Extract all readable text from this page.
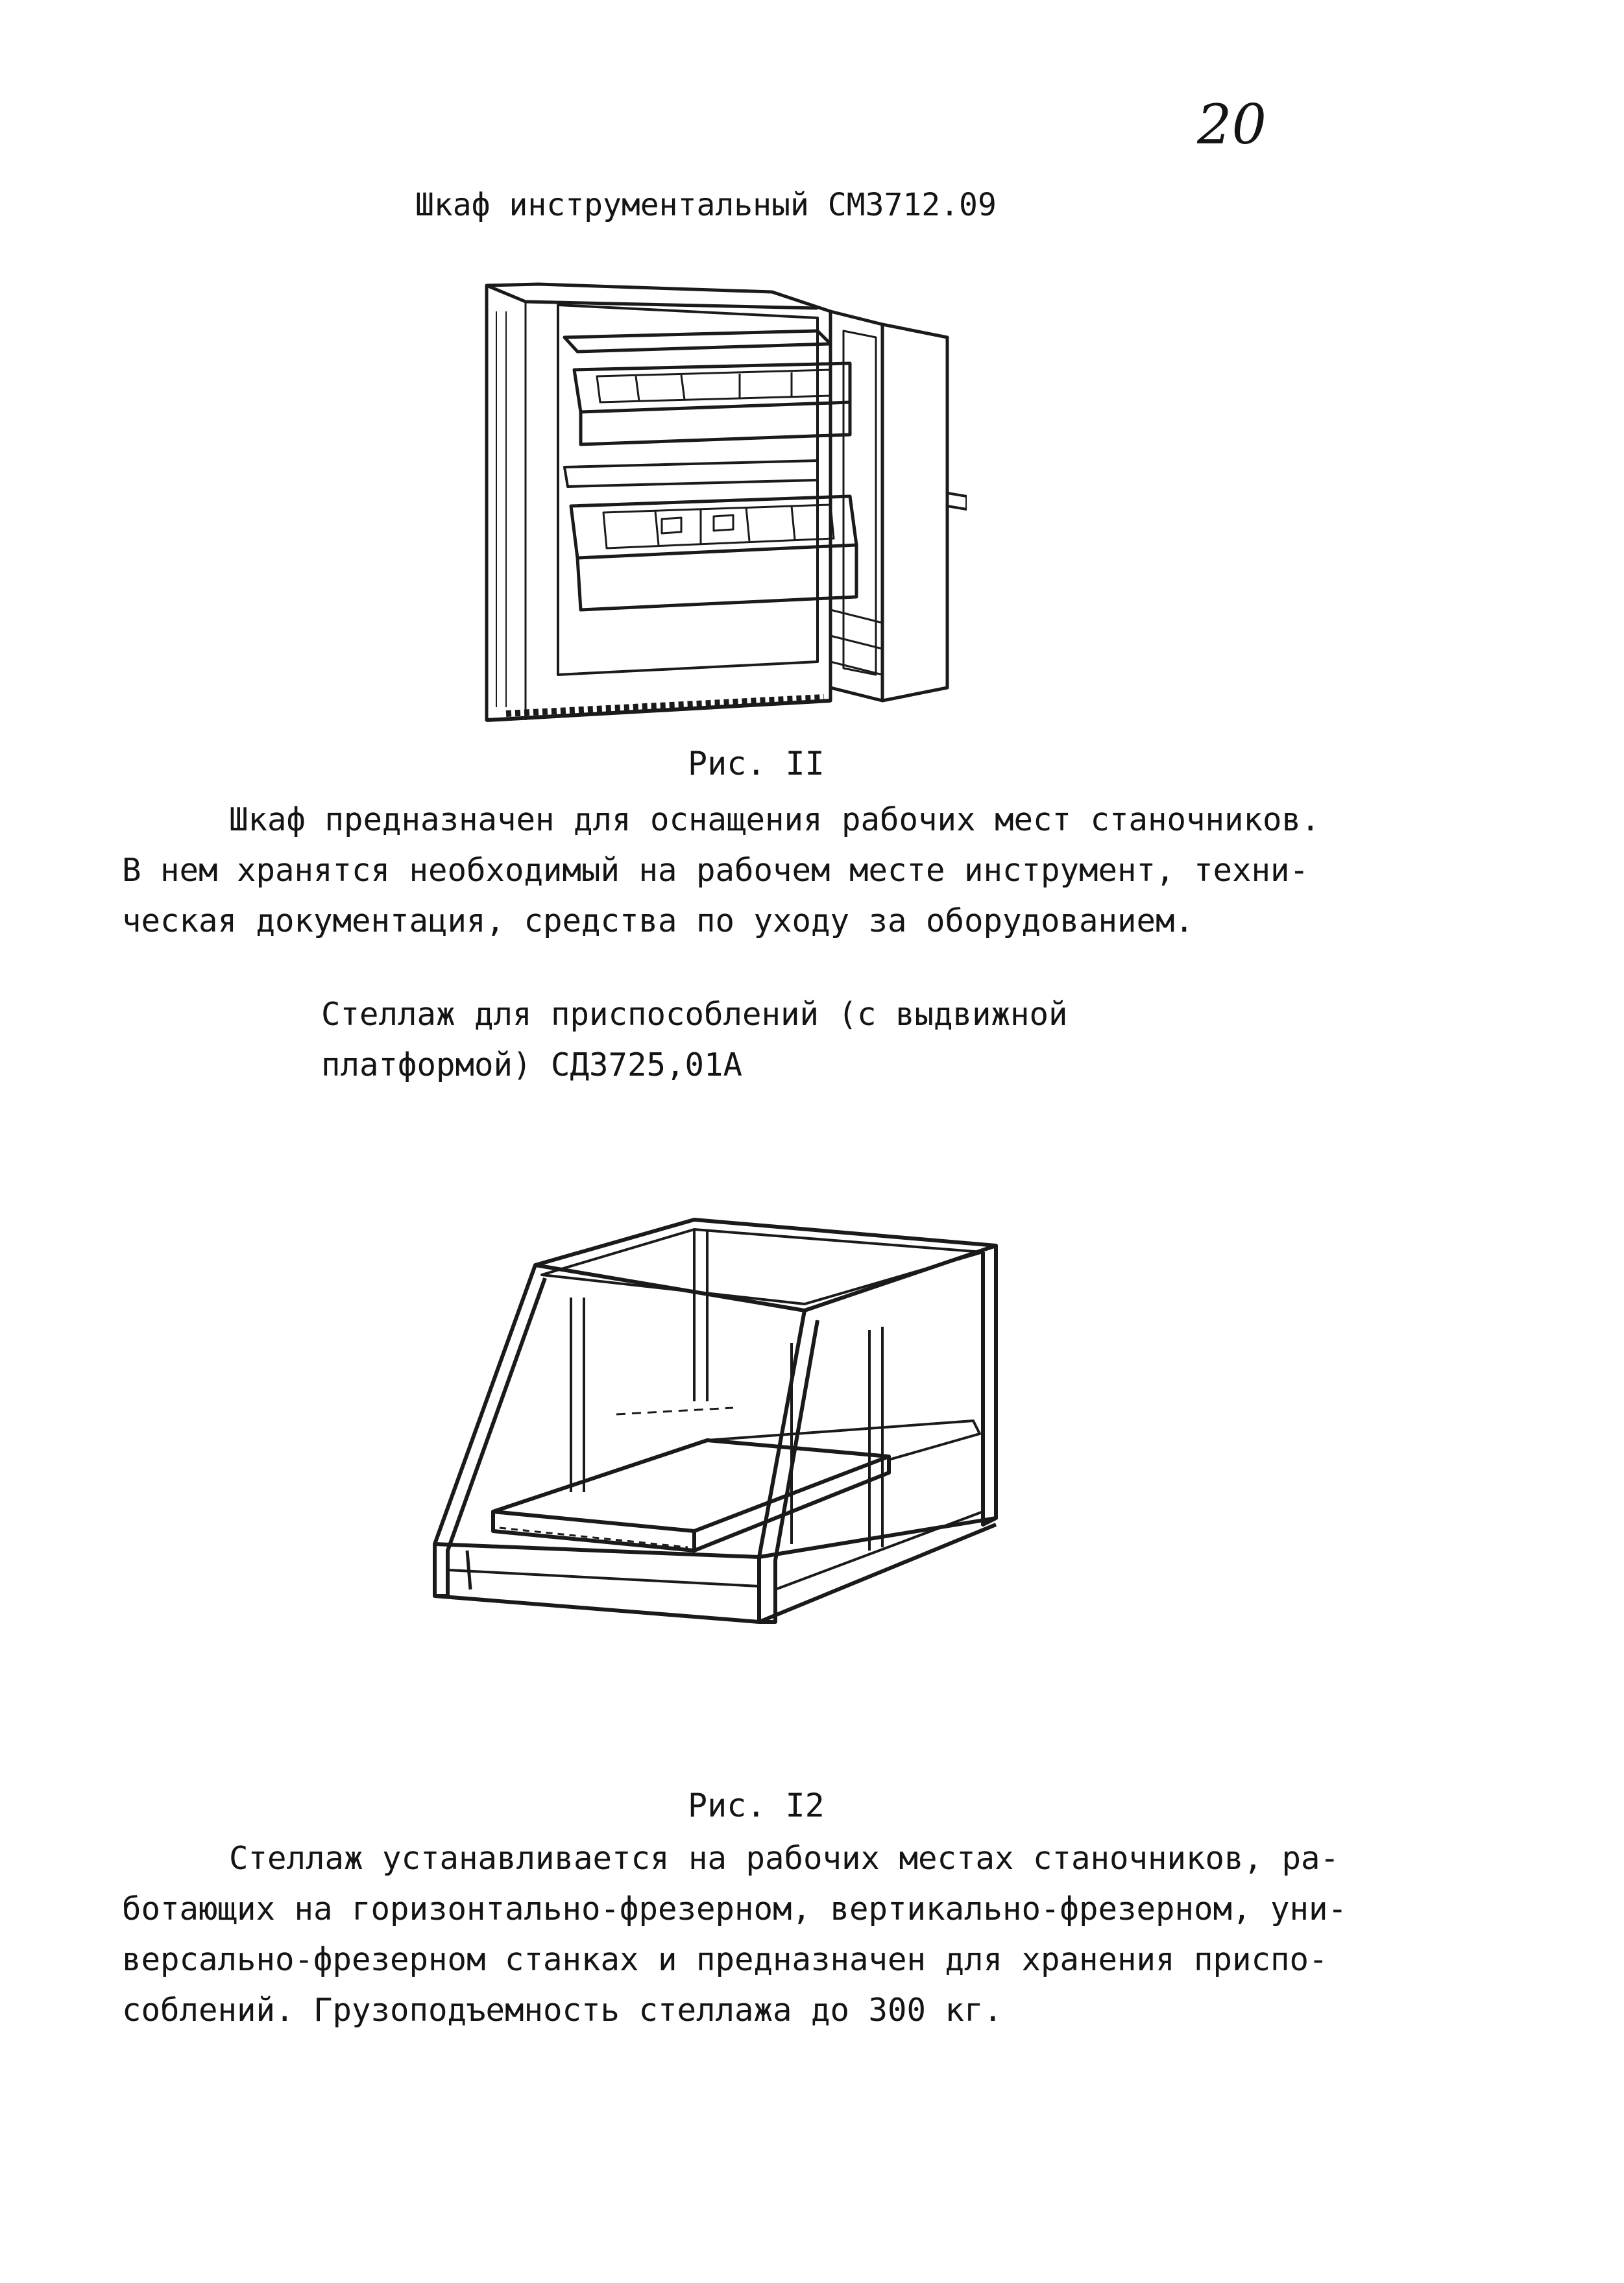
20
Шкаф инструментальный СМ3712.09
Рис. II
Шкаф предназначен для оснащения рабочих мест станочников.
В нем хранятся необходимый на рабочем месте инструмент, техни-
ческая документация, средства по уходу за оборудованием.
Стеллаж для приспособлений (с выдвижной
платформой) СД3725,01А
Рис. I2
Стеллаж устанавливается на рабочих местах станочников, ра-
ботающих на горизонтально-фрезерном, вертикально-фрезерном, уни-
версально-фрезерном станках и предназначен для хранения приспо-
соблений. Грузоподъемность стеллажа до 300 кг.
